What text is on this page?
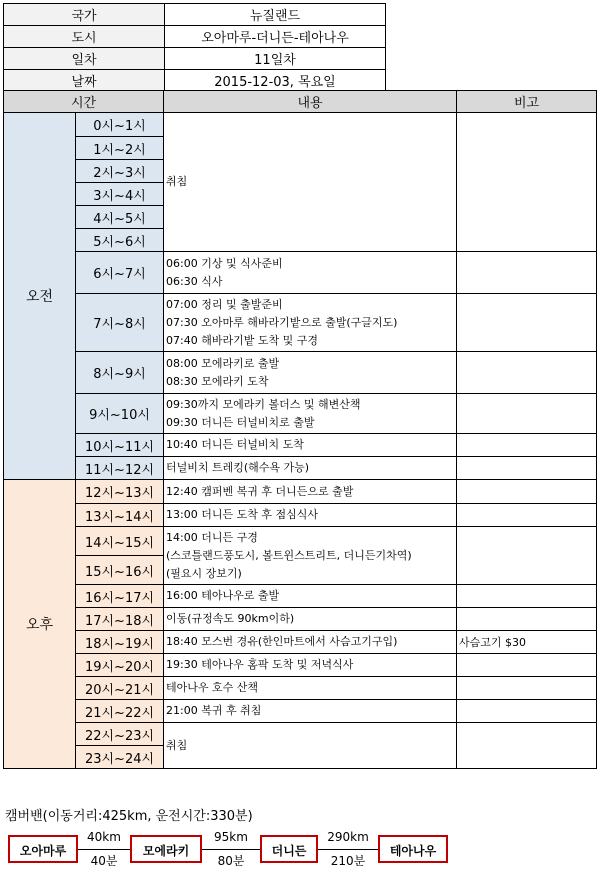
국가	뉴질랜드
도시	오아마루-더니든-테아나우
일차	11일차
날짜	2015-12-03, 목요일
시간		내용	비고
오전	0시~1시	취침	
	1시~2시		
	2시~3시		
	3시~4시		
	4시~5시		
	5시~6시		
	6시~7시	06:00 기상 및 식사준비
06:30 식사	

	7시~8시	07:00 정리 및 출발준비
07:30 오아마루 해바라기밭으로 출발(구글지도)
07:40 해바라기밭 도착 및 구경	

	8시~9시	08:00 모에라키로 출발
08:30 모에라키 도착	

	9시~10시	09:30까지 모에라키 볼더스 및 해변산책
09:30 더니든 터널비치로 출발	

	10시~11시	10:40 더니든 터널비치 도착	
	11시~12시	터널비치 트레킹(해수욕 가능)	
오후	12시~13시	12:40 캠퍼벤 복귀 후 더니든으로 출발	
	13시~14시	13:00 더니든 도착 후 점심식사	
	14시~15시	14:00 더니든 구경
(스코틀랜드풍도시, 볼트윈스트리트, 더니든기차역)
(필요시 장보기)	

	15시~16시		
	16시~17시	16:00 테아나우로 출발	
	17시~18시	이동(규정속도 90km이하)	
	18시~19시	18:40 모스번 경유(한인마트에서 사슴고기구입)	사슴고기 $30
	19시~20시	19:30 테아나우 홈팍 도착 및 저녁식사	
	20시~21시	테아나우 호수 산책	
	21시~22시	21:00 복귀 후 취침	
	22시~23시	취침	
	23시~24시		
캠버밴(이동거리:425km, 운전시간:330분)
오아마루
40km
40분
모에라키
95km
80분
더니든
290km
210분
테아나우
